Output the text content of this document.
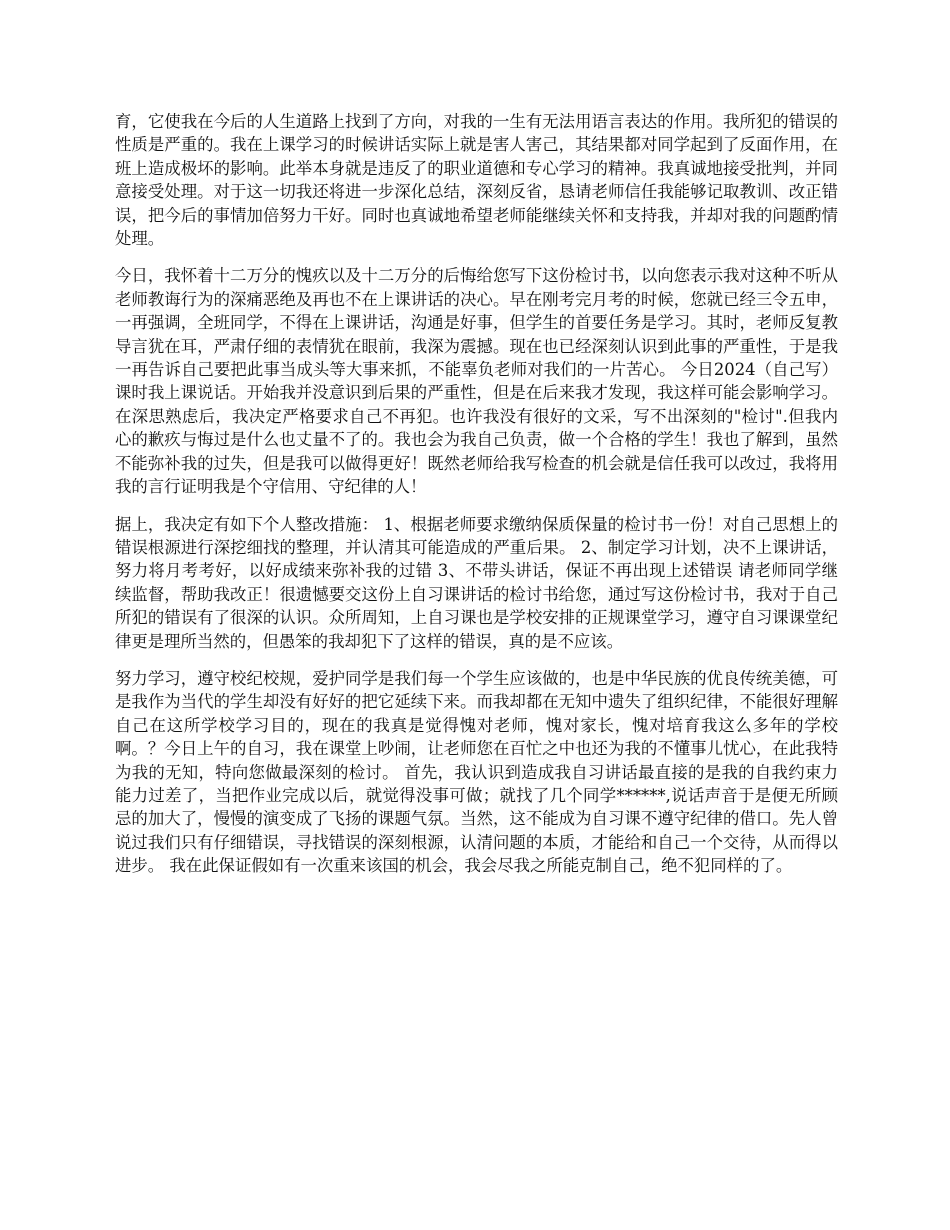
育，它使我在今后的人生道路上找到了方向，对我的一生有无法用语言表达的作用。我所犯的错误的性质是严重的。我在上课学习的时候讲话实际上就是害人害己，其结果都对同学起到了反面作用，在班上造成极坏的影响。此举本身就是违反了的职业道德和专心学习的精神。我真诚地接受批判，并同意接受处理。对于这一切我还将进一步深化总结，深刻反省，恳请老师信任我能够记取教训、改正错误，把今后的事情加倍努力干好。同时也真诚地希望老师能继续关怀和支持我，并却对我的问题酌情处理。

今日，我怀着十二万分的愧疚以及十二万分的后悔给您写下这份检讨书，以向您表示我对这种不听从老师教诲行为的深痛恶绝及再也不在上课讲话的决心。早在刚考完月考的时候，您就已经三令五申，一再强调，全班同学，不得在上课讲话，沟通是好事，但学生的首要任务是学习。其时，老师反复教导言犹在耳，严肃仔细的表情犹在眼前，我深为震撼。现在也已经深刻认识到此事的严重性，于是我一再告诉自己要把此事当成头等大事来抓，不能辜负老师对我们的一片苦心。 今日2024（自己写）课时我上课说话。开始我并没意识到后果的严重性，但是在后来我才发现，我这样可能会影响学习。在深思熟虑后，我决定严格要求自己不再犯。也许我没有很好的文采，写不出深刻的"检讨".但我内心的歉疚与悔过是什么也丈量不了的。我也会为我自己负责，做一个合格的学生！我也了解到，虽然不能弥补我的过失，但是我可以做得更好！既然老师给我写检查的机会就是信任我可以改过，我将用我的言行证明我是个守信用、守纪律的人！

据上，我决定有如下个人整改措施： 1、根据老师要求缴纳保质保量的检讨书一份！对自己思想上的错误根源进行深挖细找的整理，并认清其可能造成的严重后果。 2、制定学习计划，决不上课讲话，努力将月考考好，以好成绩来弥补我的过错 3、不带头讲话，保证不再出现上述错误 请老师同学继续监督，帮助我改正！很遗憾要交这份上自习课讲话的检讨书给您，通过写这份检讨书，我对于自己所犯的错误有了很深的认识。众所周知，上自习课也是学校安排的正规课堂学习，遵守自习课课堂纪律更是理所当然的，但愚笨的我却犯下了这样的错误，真的是不应该。

努力学习，遵守校纪校规，爱护同学是我们每一个学生应该做的，也是中华民族的优良传统美德，可是我作为当代的学生却没有好好的把它延续下来。而我却都在无知中遗失了组织纪律，不能很好理解自己在这所学校学习目的，现在的我真是觉得愧对老师，愧对家长，愧对培育我这么多年的学校啊。？今日上午的自习，我在课堂上吵闹，让老师您在百忙之中也还为我的不懂事儿忧心，在此我特为我的无知，特向您做最深刻的检讨。 首先，我认识到造成我自习讲话最直接的是我的自我约束力能力过差了，当把作业完成以后，就觉得没事可做；就找了几个同学******,说话声音于是便无所顾忌的加大了，慢慢的演变成了飞扬的课题气氛。当然，这不能成为自习课不遵守纪律的借口。先人曾说过我们只有仔细错误，寻找错误的深刻根源，认清问题的本质，才能给和自己一个交待，从而得以进步。 我在此保证假如有一次重来该国的机会，我会尽我之所能克制自己，绝不犯同样的了。
